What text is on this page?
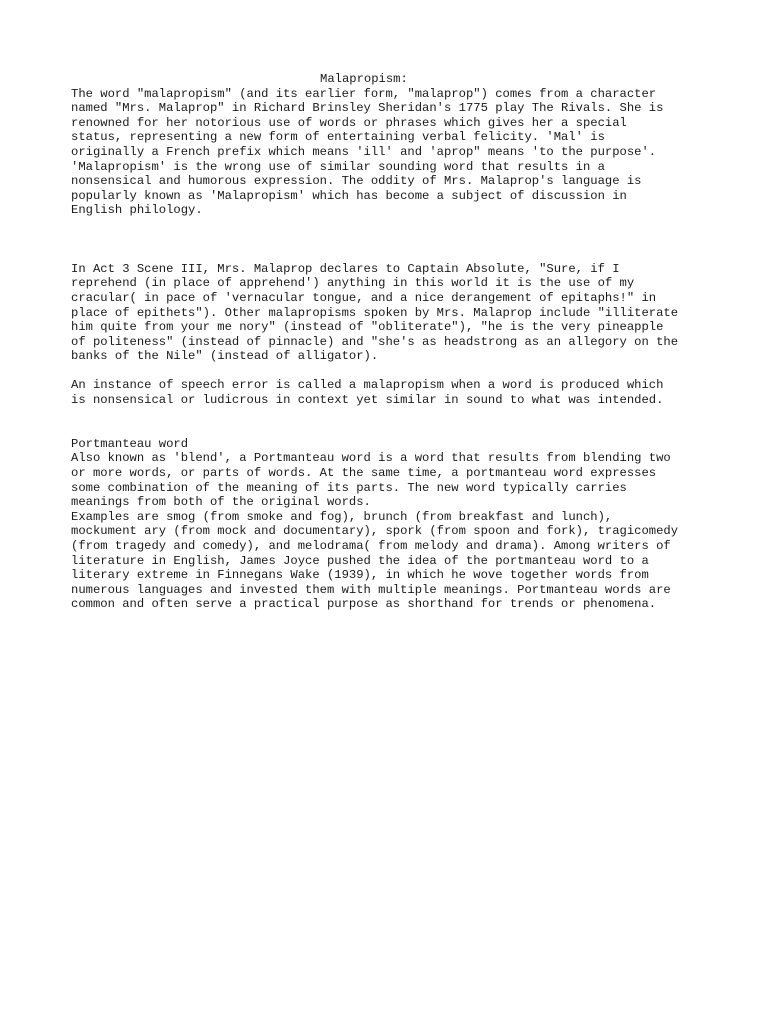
Malapropism:
The word "malapropism" (and its earlier form, "malaprop") comes from a character
named "Mrs. Malaprop" in Richard Brinsley Sheridan's 1775 play The Rivals. She is
renowned for her notorious use of words or phrases which gives her a special
status, representing a new form of entertaining verbal felicity. 'Mal' is
originally a French prefix which means 'ill' and 'aprop" means 'to the purpose'.
'Malapropism' is the wrong use of similar sounding word that results in a
nonsensical and humorous expression. The oddity of Mrs. Malaprop's language is
popularly known as 'Malapropism' which has become a subject of discussion in
English philology.
In Act 3 Scene III, Mrs. Malaprop declares to Captain Absolute, "Sure, if I
reprehend (in place of apprehend') anything in this world it is the use of my
cracular( in pace of 'vernacular tongue, and a nice derangement of epitaphs!" in
place of epithets"). Other malapropisms spoken by Mrs. Malaprop include "illiterate
him quite from your me nory" (instead of "obliterate"), "he is the very pineapple
of politeness" (instead of pinnacle) and "she's as headstrong as an allegory on the
banks of the Nile" (instead of alligator).
An instance of speech error is called a malapropism when a word is produced which
is nonsensical or ludicrous in context yet similar in sound to what was intended.
Portmanteau word
Also known as 'blend', a Portmanteau word is a word that results from blending two
or more words, or parts of words. At the same time, a portmanteau word expresses
some combination of the meaning of its parts. The new word typically carries
meanings from both of the original words.
Examples are smog (from smoke and fog), brunch (from breakfast and lunch),
mockument ary (from mock and documentary), spork (from spoon and fork), tragicomedy
(from tragedy and comedy), and melodrama( from melody and drama). Among writers of
literature in English, James Joyce pushed the idea of the portmanteau word to a
literary extreme in Finnegans Wake (1939), in which he wove together words from
numerous languages and invested them with multiple meanings. Portmanteau words are
common and often serve a practical purpose as shorthand for trends or phenomena.
